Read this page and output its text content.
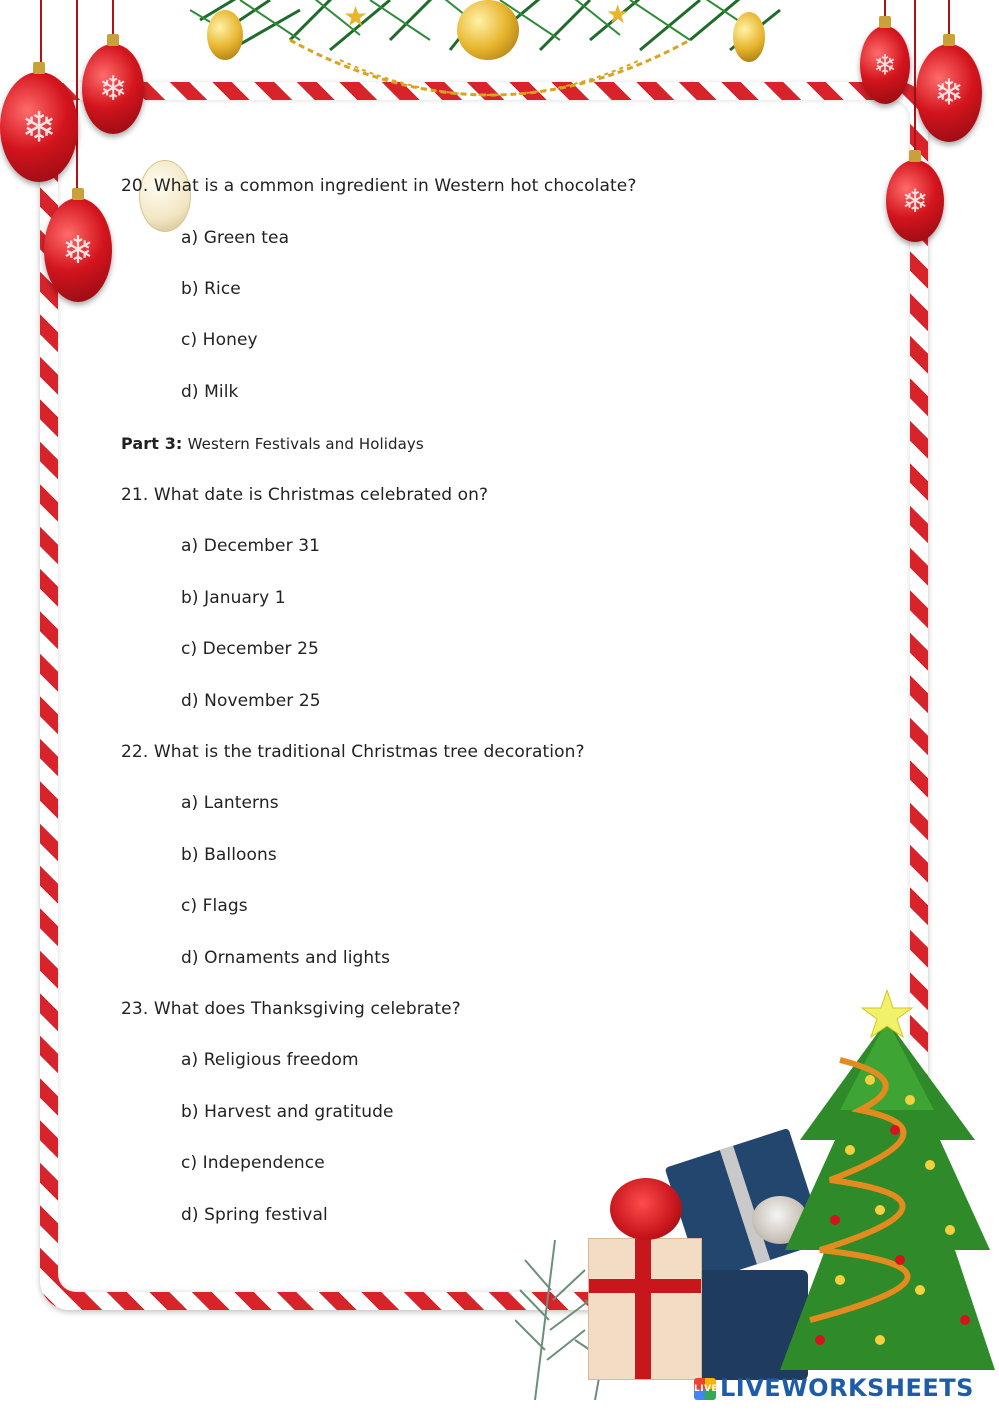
★	★
❄
❄
❄
❄
❄
❄
20. What is a common ingredient in Western hot chocolate?
a) Green tea
b) Rice
c) Honey
d) Milk
Part 3: Western Festivals and Holidays
21. What date is Christmas celebrated on?
a) December 31
b) January 1
c) December 25
d) November 25
22. What is the traditional Christmas tree decoration?
a) Lanterns
b) Balloons
c) Flags
d) Ornaments and lights
23. What does Thanksgiving celebrate?
a) Religious freedom
b) Harvest and gratitude
c) Independence
d) Spring festival
LIVELIVEWORKSHEETS
